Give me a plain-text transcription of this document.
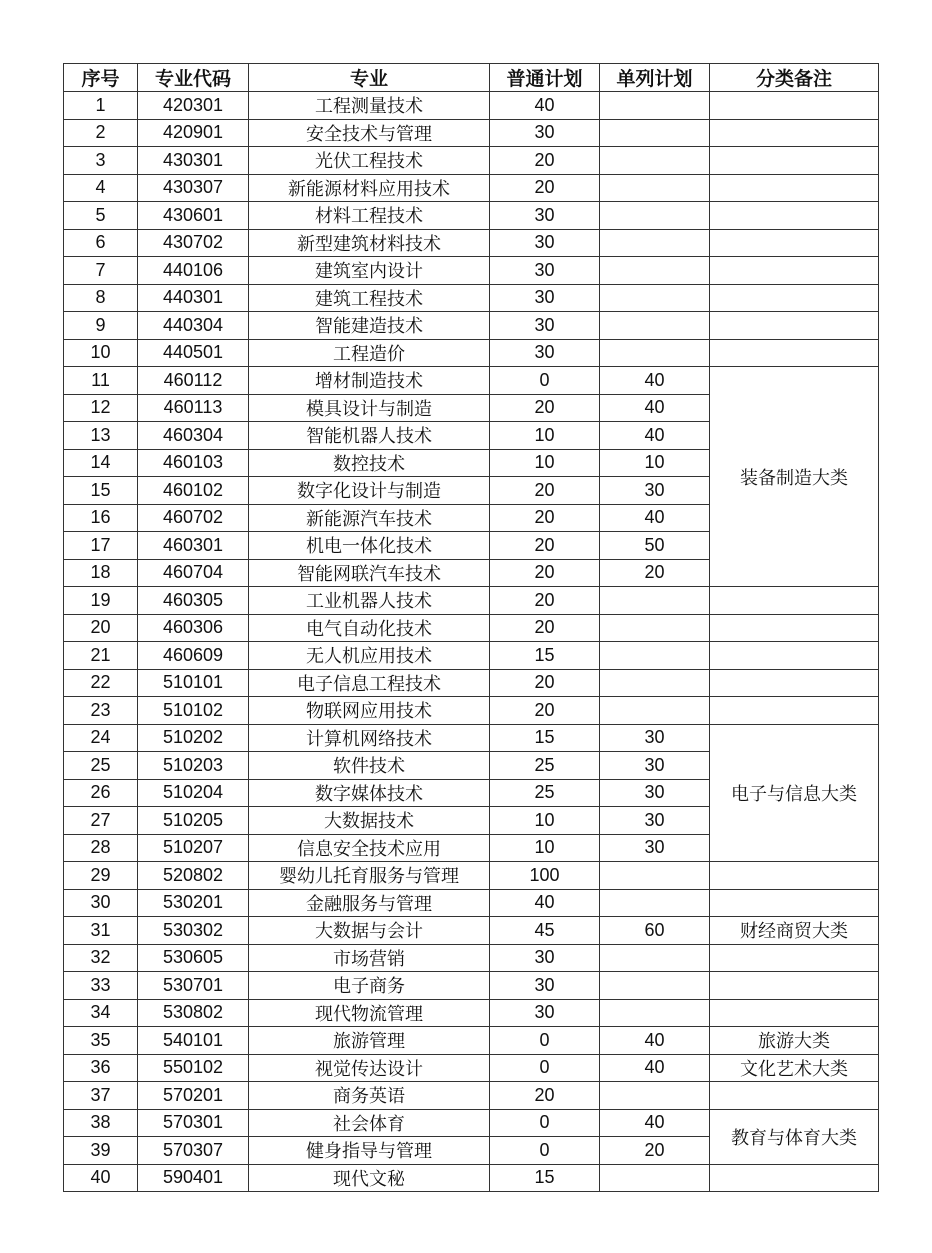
序号	专业代码	专业	普通计划	单列计划	分类备注
1	420301	工程测量技术	40		
2	420901	安全技术与管理	30		
3	430301	光伏工程技术	20		
4	430307	新能源材料应用技术	20		
5	430601	材料工程技术	30		
6	430702	新型建筑材料技术	30		
7	440106	建筑室内设计	30		
8	440301	建筑工程技术	30		
9	440304	智能建造技术	30		
10	440501	工程造价	30		
11	460112	增材制造技术	0	40	装备制造大类
12	460113	模具设计与制造	20	40	
13	460304	智能机器人技术	10	40	
14	460103	数控技术	10	10	
15	460102	数字化设计与制造	20	30	
16	460702	新能源汽车技术	20	40	
17	460301	机电一体化技术	20	50	
18	460704	智能网联汽车技术	20	20	
19	460305	工业机器人技术	20		
20	460306	电气自动化技术	20		
21	460609	无人机应用技术	15		
22	510101	电子信息工程技术	20		
23	510102	物联网应用技术	20		
24	510202	计算机网络技术	15	30	电子与信息大类
25	510203	软件技术	25	30	
26	510204	数字媒体技术	25	30	
27	510205	大数据技术	10	30	
28	510207	信息安全技术应用	10	30	
29	520802	婴幼儿托育服务与管理	100		
30	530201	金融服务与管理	40		
31	530302	大数据与会计	45	60	财经商贸大类
32	530605	市场营销	30		
33	530701	电子商务	30		
34	530802	现代物流管理	30		
35	540101	旅游管理	0	40	旅游大类
36	550102	视觉传达设计	0	40	文化艺术大类
37	570201	商务英语	20		
38	570301	社会体育	0	40	教育与体育大类
39	570307	健身指导与管理	0	20	
40	590401	现代文秘	15		
